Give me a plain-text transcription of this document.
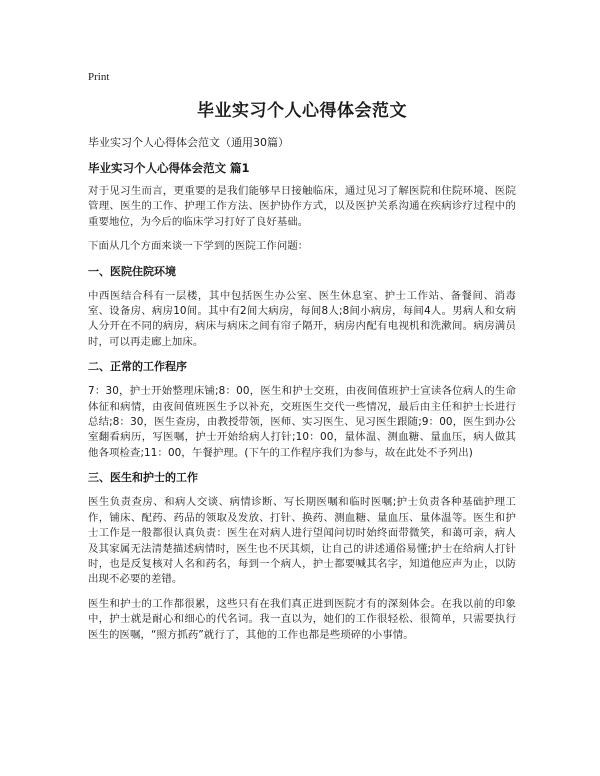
Print
毕业实习个人心得体会范文
毕业实习个人心得体会范文（通用30篇）
毕业实习个人心得体会范文 篇1

对于见习生而言，更重要的是我们能够早日接触临床，通过见习了解医院和住院环境、医院管理、医生的工作、护理工作方法、医护协作方式，以及医护关系沟通在疾病诊疗过程中的重要地位，为今后的临床学习打好了良好基础。

下面从几个方面来谈一下学到的医院工作问题：

一、医院住院环境

中西医结合科有一层楼，其中包括医生办公室、医生休息室、护士工作站、备餐间、消毒室、设备房、病房10间。其中有2间大病房，每间8人;8间小病房，每间4人。男病人和女病人分开在不同的病房，病床与病床之间有帘子隔开，病房内配有电视机和洗漱间。病房满员时，可以再走廊上加床。

二、正常的工作程序

7：30，护士开始整理床铺;8：00，医生和护士交班，由夜间值班护士宣读各位病人的生命体征和病情，由夜间值班医生予以补充，交班医生交代一些情况，最后由主任和护士长进行总结;8：30，医生查房，由教授带领，医师、实习医生、见习医生跟随;9：00，医生到办公室翻看病历，写医嘱，护士开始给病人打针;10：00，量体温、测血糖、量血压，病人做其他各项检查;11：00，午餐护理。(下午的工作程序我们为参与，故在此处不予列出)

三、医生和护士的工作

医生负责查房、和病人交谈、病情诊断、写长期医嘱和临时医嘱;护士负责各种基础护理工作，铺床、配药、药品的领取及发放、打针、换药、测血糖、量血压、量体温等。医生和护士工作是一般都很认真负责：医生在对病人进行望闻问切时始终面带微笑，和蔼可亲，病人及其家属无法清楚描述病情时，医生也不厌其烦，让自己的讲述通俗易懂;护士在给病人打针时，也是反复核对人名和药名，每到一个病人，护士都要喊其名字，知道他应声为止，以防出现不必要的差错。

医生和护士的工作都很累，这些只有在我们真正进到医院才有的深刻体会。在我以前的印象中，护士就是耐心和细心的代名词。我一直以为，她们的工作很轻松、很简单，只需要执行医生的医嘱，“照方抓药”就行了，其他的工作也都是些琐碎的小事情。
